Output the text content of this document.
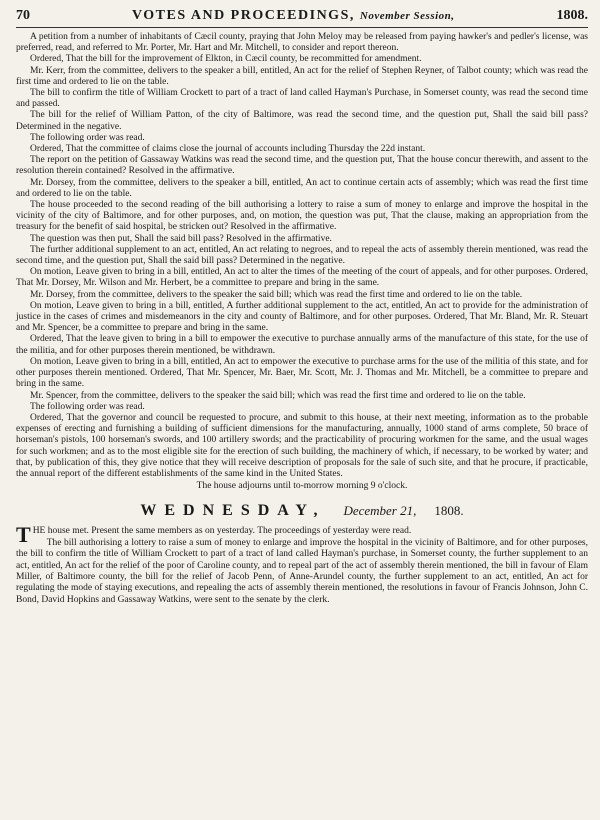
70	VOTES AND PROCEEDINGS, November Session,	1808.

A petition from a number of inhabitants of Cæcil county, praying that John Meloy may be released from paying hawker's and pedler's license, was preferred, read, and referred to Mr. Porter, Mr. Hart and Mr. Mitchell, to consider and report thereon.

Ordered, That the bill for the improvement of Elkton, in Cæcil county, be recommitted for amendment.

Mr. Kerr, from the committee, delivers to the speaker a bill, entitled, An act for the relief of Stephen Reyner, of Talbot county; which was read the first time and ordered to lie on the table.

The bill to confirm the title of William Crockett to part of a tract of land called Hayman's Purchase, in Somerset county, was read the second time and passed.

The bill for the relief of William Patton, of the city of Baltimore, was read the second time, and the question put, Shall the said bill pass? Determined in the negative.

The following order was read.

Ordered, That the committee of claims close the journal of accounts including Thursday the 22d instant.

The report on the petition of Gassaway Watkins was read the second time, and the question put, That the house concur therewith, and assent to the resolution therein contained? Resolved in the affirmative.

Mr. Dorsey, from the committee, delivers to the speaker a bill, entitled, An act to continue certain acts of assembly; which was read the first time and ordered to lie on the table.

The house proceeded to the second reading of the bill authorising a lottery to raise a sum of money to enlarge and improve the hospital in the vicinity of the city of Baltimore, and for other purposes, and, on motion, the question was put, That the clause, making an appropriation from the treasury for the benefit of said hospital, be stricken out? Resolved in the affirmative.

The question was then put, Shall the said bill pass? Resolved in the affirmative.

The further additional supplement to an act, entitled, An act relating to negroes, and to repeal the acts of assembly therein mentioned, was read the second time, and the question put, Shall the said bill pass? Determined in the negative.

On motion, Leave given to bring in a bill, entitled, An act to alter the times of the meeting of the court of appeals, and for other purposes. Ordered, That Mr. Dorsey, Mr. Wilson and Mr. Herbert, be a committee to prepare and bring in the same.

Mr. Dorsey, from the committee, delivers to the speaker the said bill; which was read the first time and ordered to lie on the table.

On motion, Leave given to bring in a bill, entitled, A further additional supplement to the act, entitled, An act to provide for the administration of justice in the cases of crimes and misdemeanors in the city and county of Baltimore, and for other purposes. Ordered, That Mr. Bland, Mr. R. Steuart and Mr. Spencer, be a committee to prepare and bring in the same.

Ordered, That the leave given to bring in a bill to empower the executive to purchase annually arms of the manufacture of this state, for the use of the militia, and for other purposes therein mentioned, be withdrawn.

On motion, Leave given to bring in a bill, entitled, An act to empower the executive to purchase arms for the use of the militia of this state, and for other purposes therein mentioned. Ordered, That Mr. Spencer, Mr. Baer, Mr. Scott, Mr. J. Thomas and Mr. Mitchell, be a committee to prepare and bring in the same.

Mr. Spencer, from the committee, delivers to the speaker the said bill; which was read the first time and ordered to lie on the table.

The following order was read.

Ordered, That the governor and council be requested to procure, and submit to this house, at their next meeting, information as to the probable expenses of erecting and furnishing a building of sufficient dimensions for the manufacturing, annually, 1000 stand of arms complete, 50 brace of horseman's pistols, 100 horseman's swords, and 100 artillery swords; and the practicability of procuring workmen for the same, and the usual wages for such workmen; and as to the most eligible site for the erection of such building, the machinery of which, if necessary, to be worked by water; and that, by publication of this, they give notice that they will receive description of proposals for the sale of such site, and that he procure, if practicable, the annual report of the different establishments of the same kind in the United States.

The house adjourns until to-morrow morning 9 o'clock.

WEDNESDAY, December 21, 1808.

THE house met. Present the same members as on yesterday. The proceedings of yesterday were read.

The bill authorising a lottery to raise a sum of money to enlarge and improve the hospital in the vicinity of Baltimore, and for other purposes, the bill to confirm the title of William Crockett to part of a tract of land called Hayman's purchase, in Somerset county, the further supplement to an act, entitled, An act for the relief of the poor of Caroline county, and to repeal part of the act of assembly therein mentioned, the bill in favour of Elam Miller, of Baltimore county, the bill for the relief of Jacob Penn, of Anne-Arundel county, the further supplement to an act, entitled, An act for regulating the mode of staying executions, and repealing the acts of assembly therein mentioned, the resolutions in favour of Francis Johnson, John C. Bond, David Hopkins and Gassaway Watkins, were sent to the senate by the clerk.
